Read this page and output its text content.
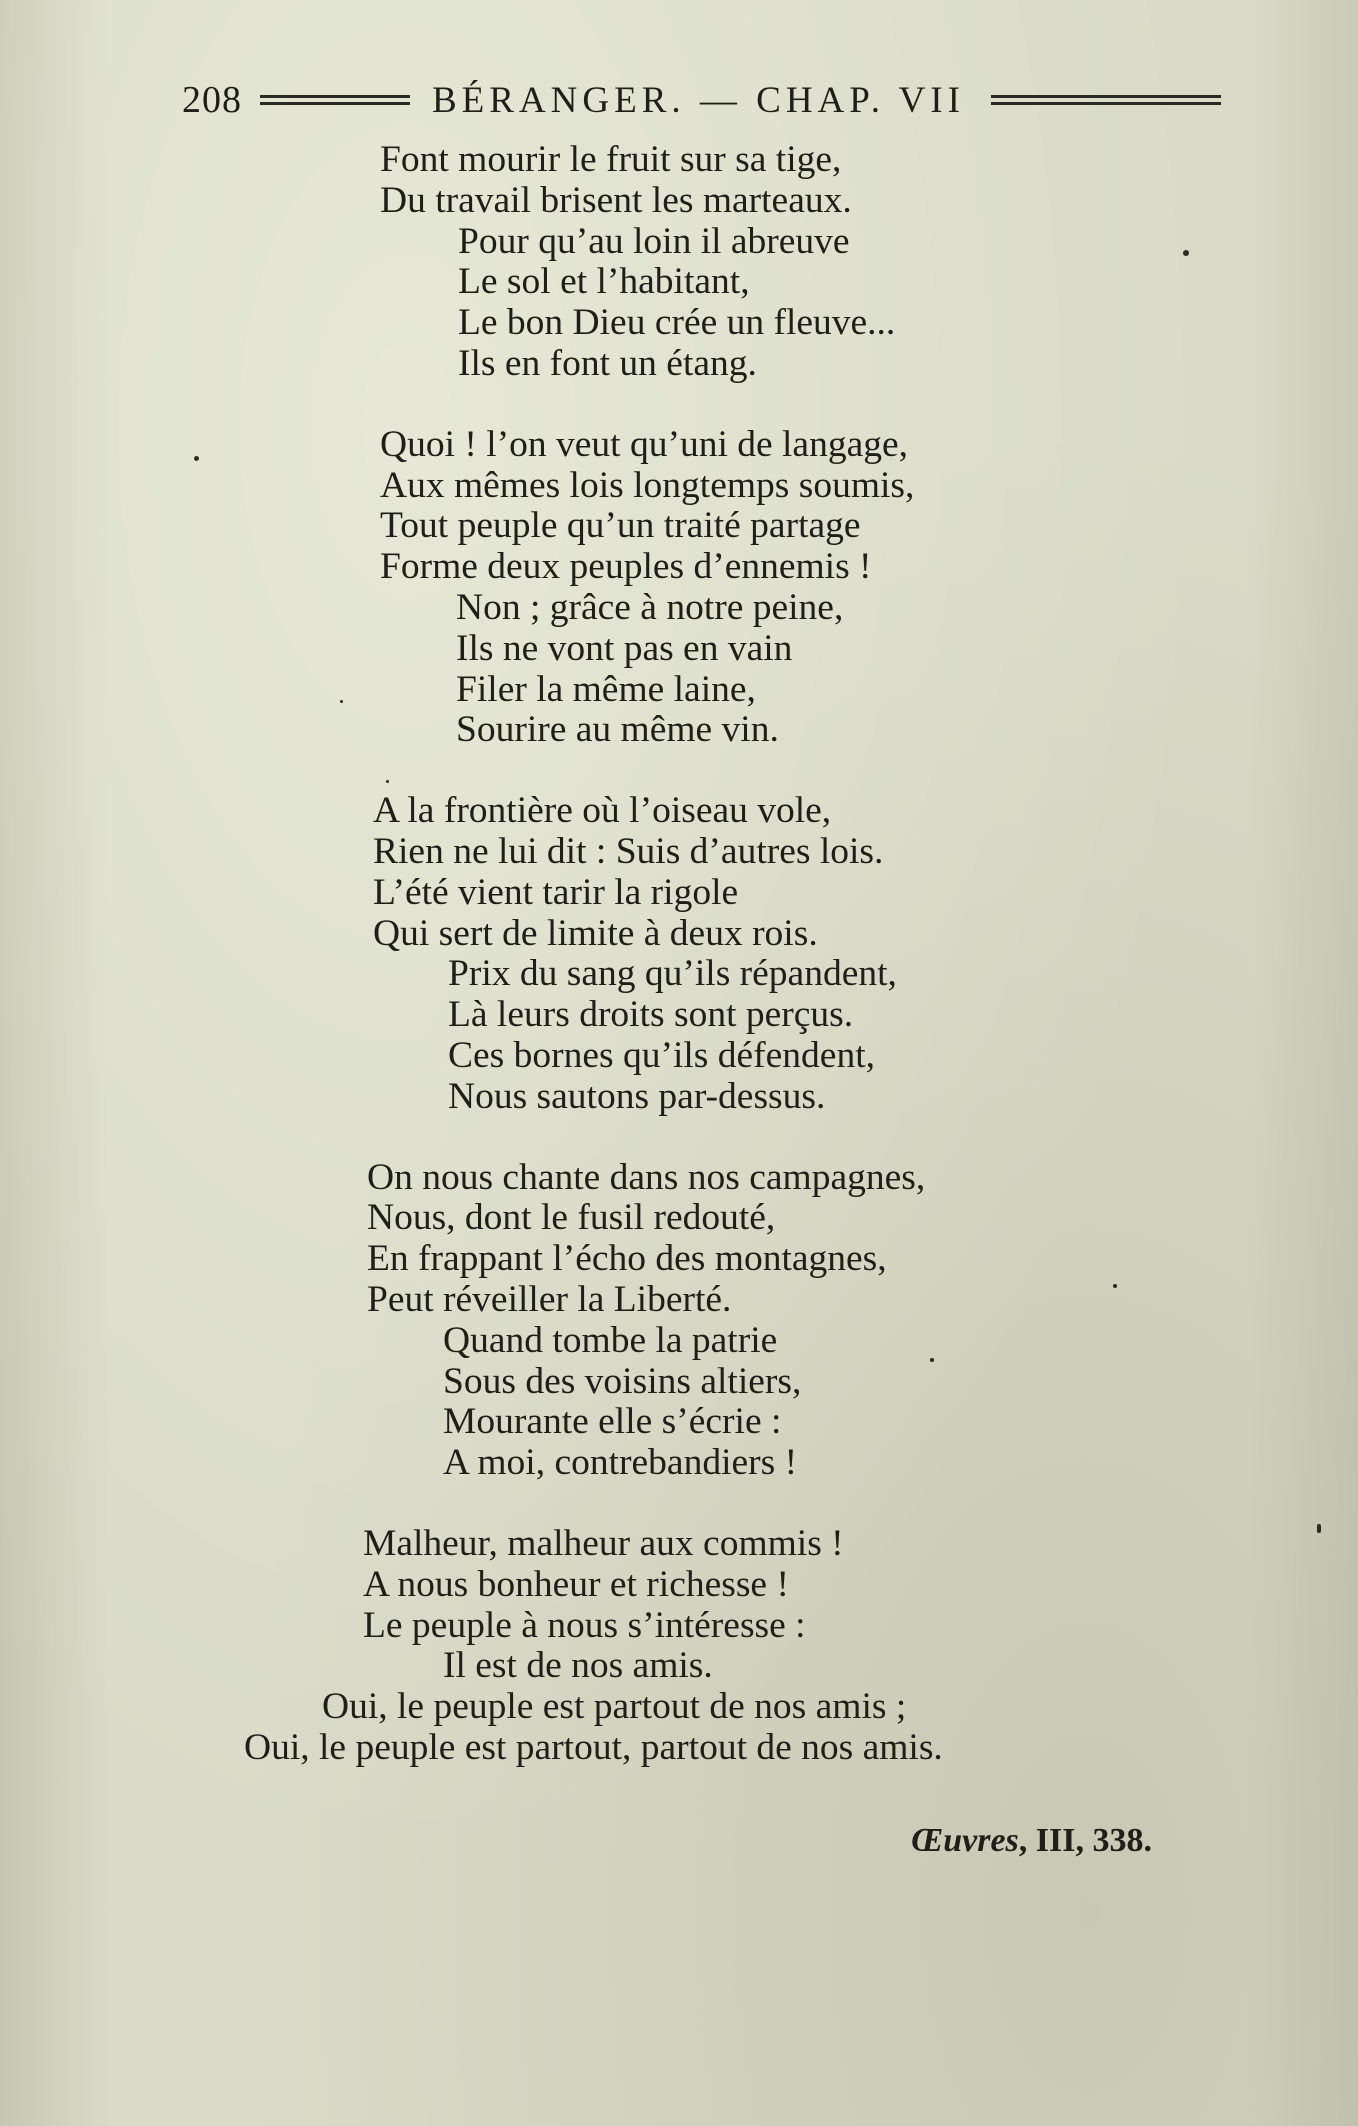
208	BÉRANGER. — CHAP. VII
Font mourir le fruit sur sa tige,
Du travail brisent les marteaux.
Pour qu’au loin il abreuve
Le sol et l’habitant,
Le bon Dieu crée un fleuve...
Ils en font un étang.
Quoi ! l’on veut qu’uni de langage,
Aux mêmes lois longtemps soumis,
Tout peuple qu’un traité partage
Forme deux peuples d’ennemis !
Non ; grâce à notre peine,
Ils ne vont pas en vain
Filer la même laine,
Sourire au même vin.
A la frontière où l’oiseau vole,
Rien ne lui dit : Suis d’autres lois.
L’été vient tarir la rigole
Qui sert de limite à deux rois.
Prix du sang qu’ils répandent,
Là leurs droits sont perçus.
Ces bornes qu’ils défendent,
Nous sautons par-dessus.
On nous chante dans nos campagnes,
Nous, dont le fusil redouté,
En frappant l’écho des montagnes,
Peut réveiller la Liberté.
Quand tombe la patrie
Sous des voisins altiers,
Mourante elle s’écrie :
A moi, contrebandiers !
Malheur, malheur aux commis !
A nous bonheur et richesse !
Le peuple à nous s’intéresse :
Il est de nos amis.
Oui, le peuple est partout de nos amis ;
Oui, le peuple est partout, partout de nos amis.
Œuvres, III, 338.
